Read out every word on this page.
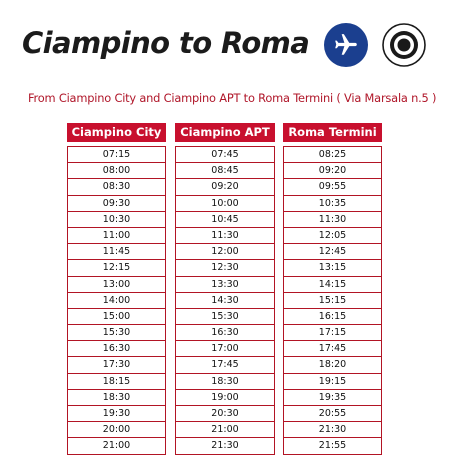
Ciampino to Roma
From Ciampino City and Ciampino APT to Roma Termini ( Via Marsala n.5 )
Ciampino City
07:15
08:00
08:30
09:30
10:30
11:00
11:45
12:15
13:00
14:00
15:00
15:30
16:30
17:30
18:15
18:30
19:30
20:00
21:00
Ciampino APT
07:45
08:45
09:20
10:00
10:45
11:30
12:00
12:30
13:30
14:30
15:30
16:30
17:00
17:45
18:30
19:00
20:30
21:00
21:30
Roma Termini
08:25
09:20
09:55
10:35
11:30
12:05
12:45
13:15
14:15
15:15
16:15
17:15
17:45
18:20
19:15
19:35
20:55
21:30
21:55
